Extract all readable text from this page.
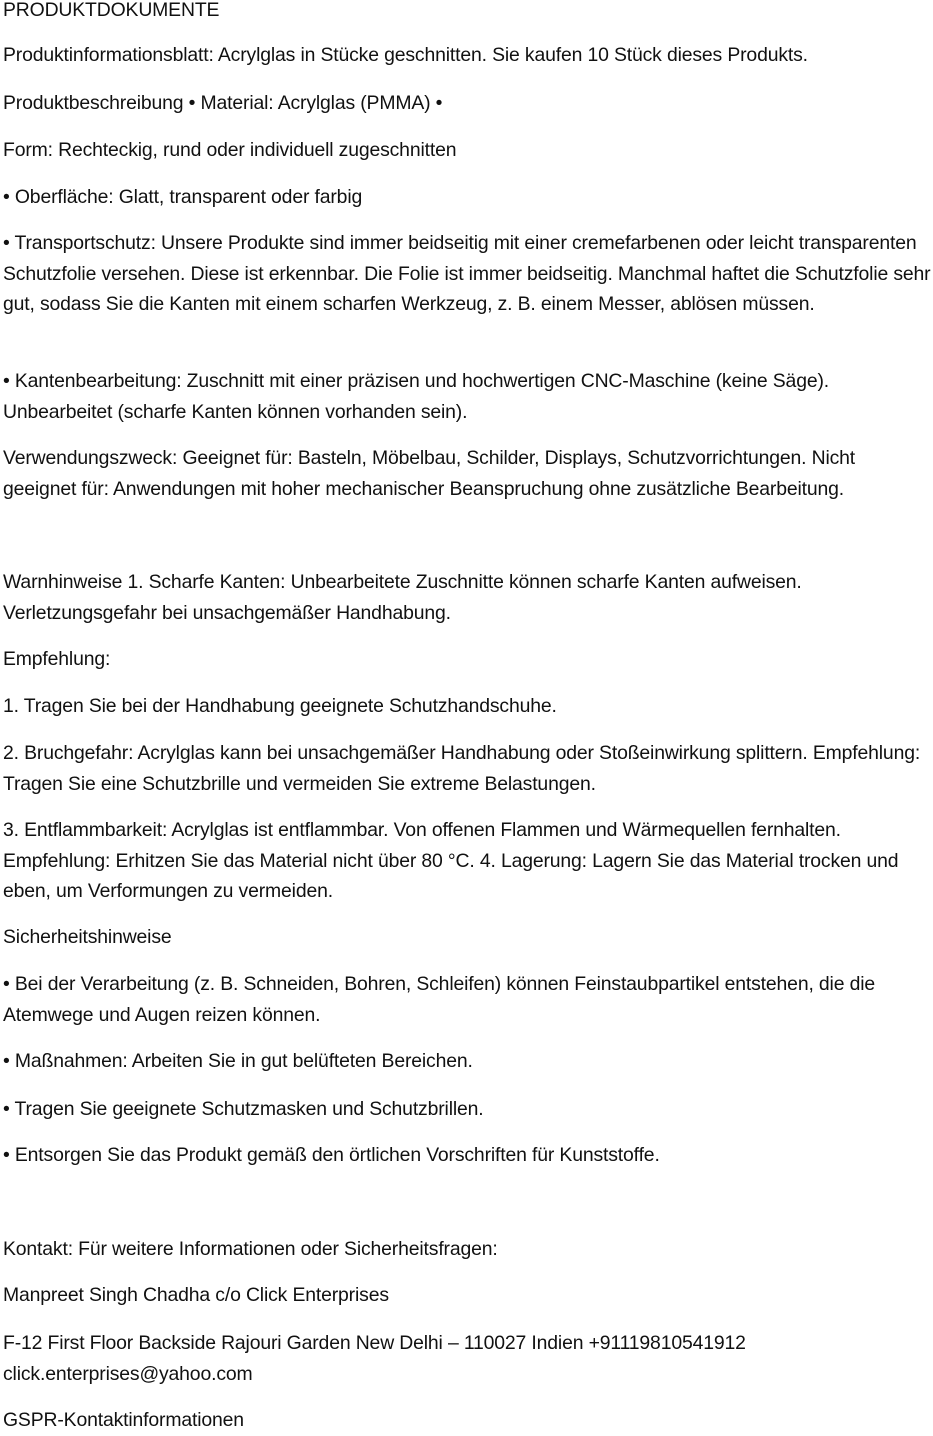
PRODUKTDOKUMENTE

Produktinformationsblatt: Acrylglas in Stücke geschnitten. Sie kaufen 10 Stück dieses Produkts.

Produktbeschreibung • Material: Acrylglas (PMMA) •

Form: Rechteckig, rund oder individuell zugeschnitten

• Oberfläche: Glatt, transparent oder farbig

• Transportschutz: Unsere Produkte sind immer beidseitig mit einer cremefarbenen oder leicht transparenten Schutzfolie versehen. Diese ist erkennbar. Die Folie ist immer beidseitig. Manchmal haftet die Schutzfolie sehr gut, sodass Sie die Kanten mit einem scharfen Werkzeug, z. B. einem Messer, ablösen müssen.

• Kantenbearbeitung: Zuschnitt mit einer präzisen und hochwertigen CNC-Maschine (keine Säge). Unbearbeitet (scharfe Kanten können vorhanden sein).

Verwendungszweck: Geeignet für: Basteln, Möbelbau, Schilder, Displays, Schutzvorrichtungen. Nicht geeignet für: Anwendungen mit hoher mechanischer Beanspruchung ohne zusätzliche Bearbeitung.

Warnhinweise 1. Scharfe Kanten: Unbearbeitete Zuschnitte können scharfe Kanten aufweisen. Verletzungsgefahr bei unsachgemäßer Handhabung.

Empfehlung:

1. Tragen Sie bei der Handhabung geeignete Schutzhandschuhe.

2. Bruchgefahr: Acrylglas kann bei unsachgemäßer Handhabung oder Stoßeinwirkung splittern. Empfehlung: Tragen Sie eine Schutzbrille und vermeiden Sie extreme Belastungen.

3. Entflammbarkeit: Acrylglas ist entflammbar. Von offenen Flammen und Wärmequellen fernhalten. Empfehlung: Erhitzen Sie das Material nicht über 80 °C. 4. Lagerung: Lagern Sie das Material trocken und eben, um Verformungen zu vermeiden.

Sicherheitshinweise

• Bei der Verarbeitung (z. B. Schneiden, Bohren, Schleifen) können Feinstaubpartikel entstehen, die die Atemwege und Augen reizen können.

• Maßnahmen: Arbeiten Sie in gut belüfteten Bereichen.

• Tragen Sie geeignete Schutzmasken und Schutzbrillen.

• Entsorgen Sie das Produkt gemäß den örtlichen Vorschriften für Kunststoffe.

Kontakt: Für weitere Informationen oder Sicherheitsfragen:

Manpreet Singh Chadha c/o Click Enterprises

F-12 First Floor Backside Rajouri Garden New Delhi – 110027 Indien +91119810541912 click.enterprises@yahoo.com

GSPR-Kontaktinformationen
